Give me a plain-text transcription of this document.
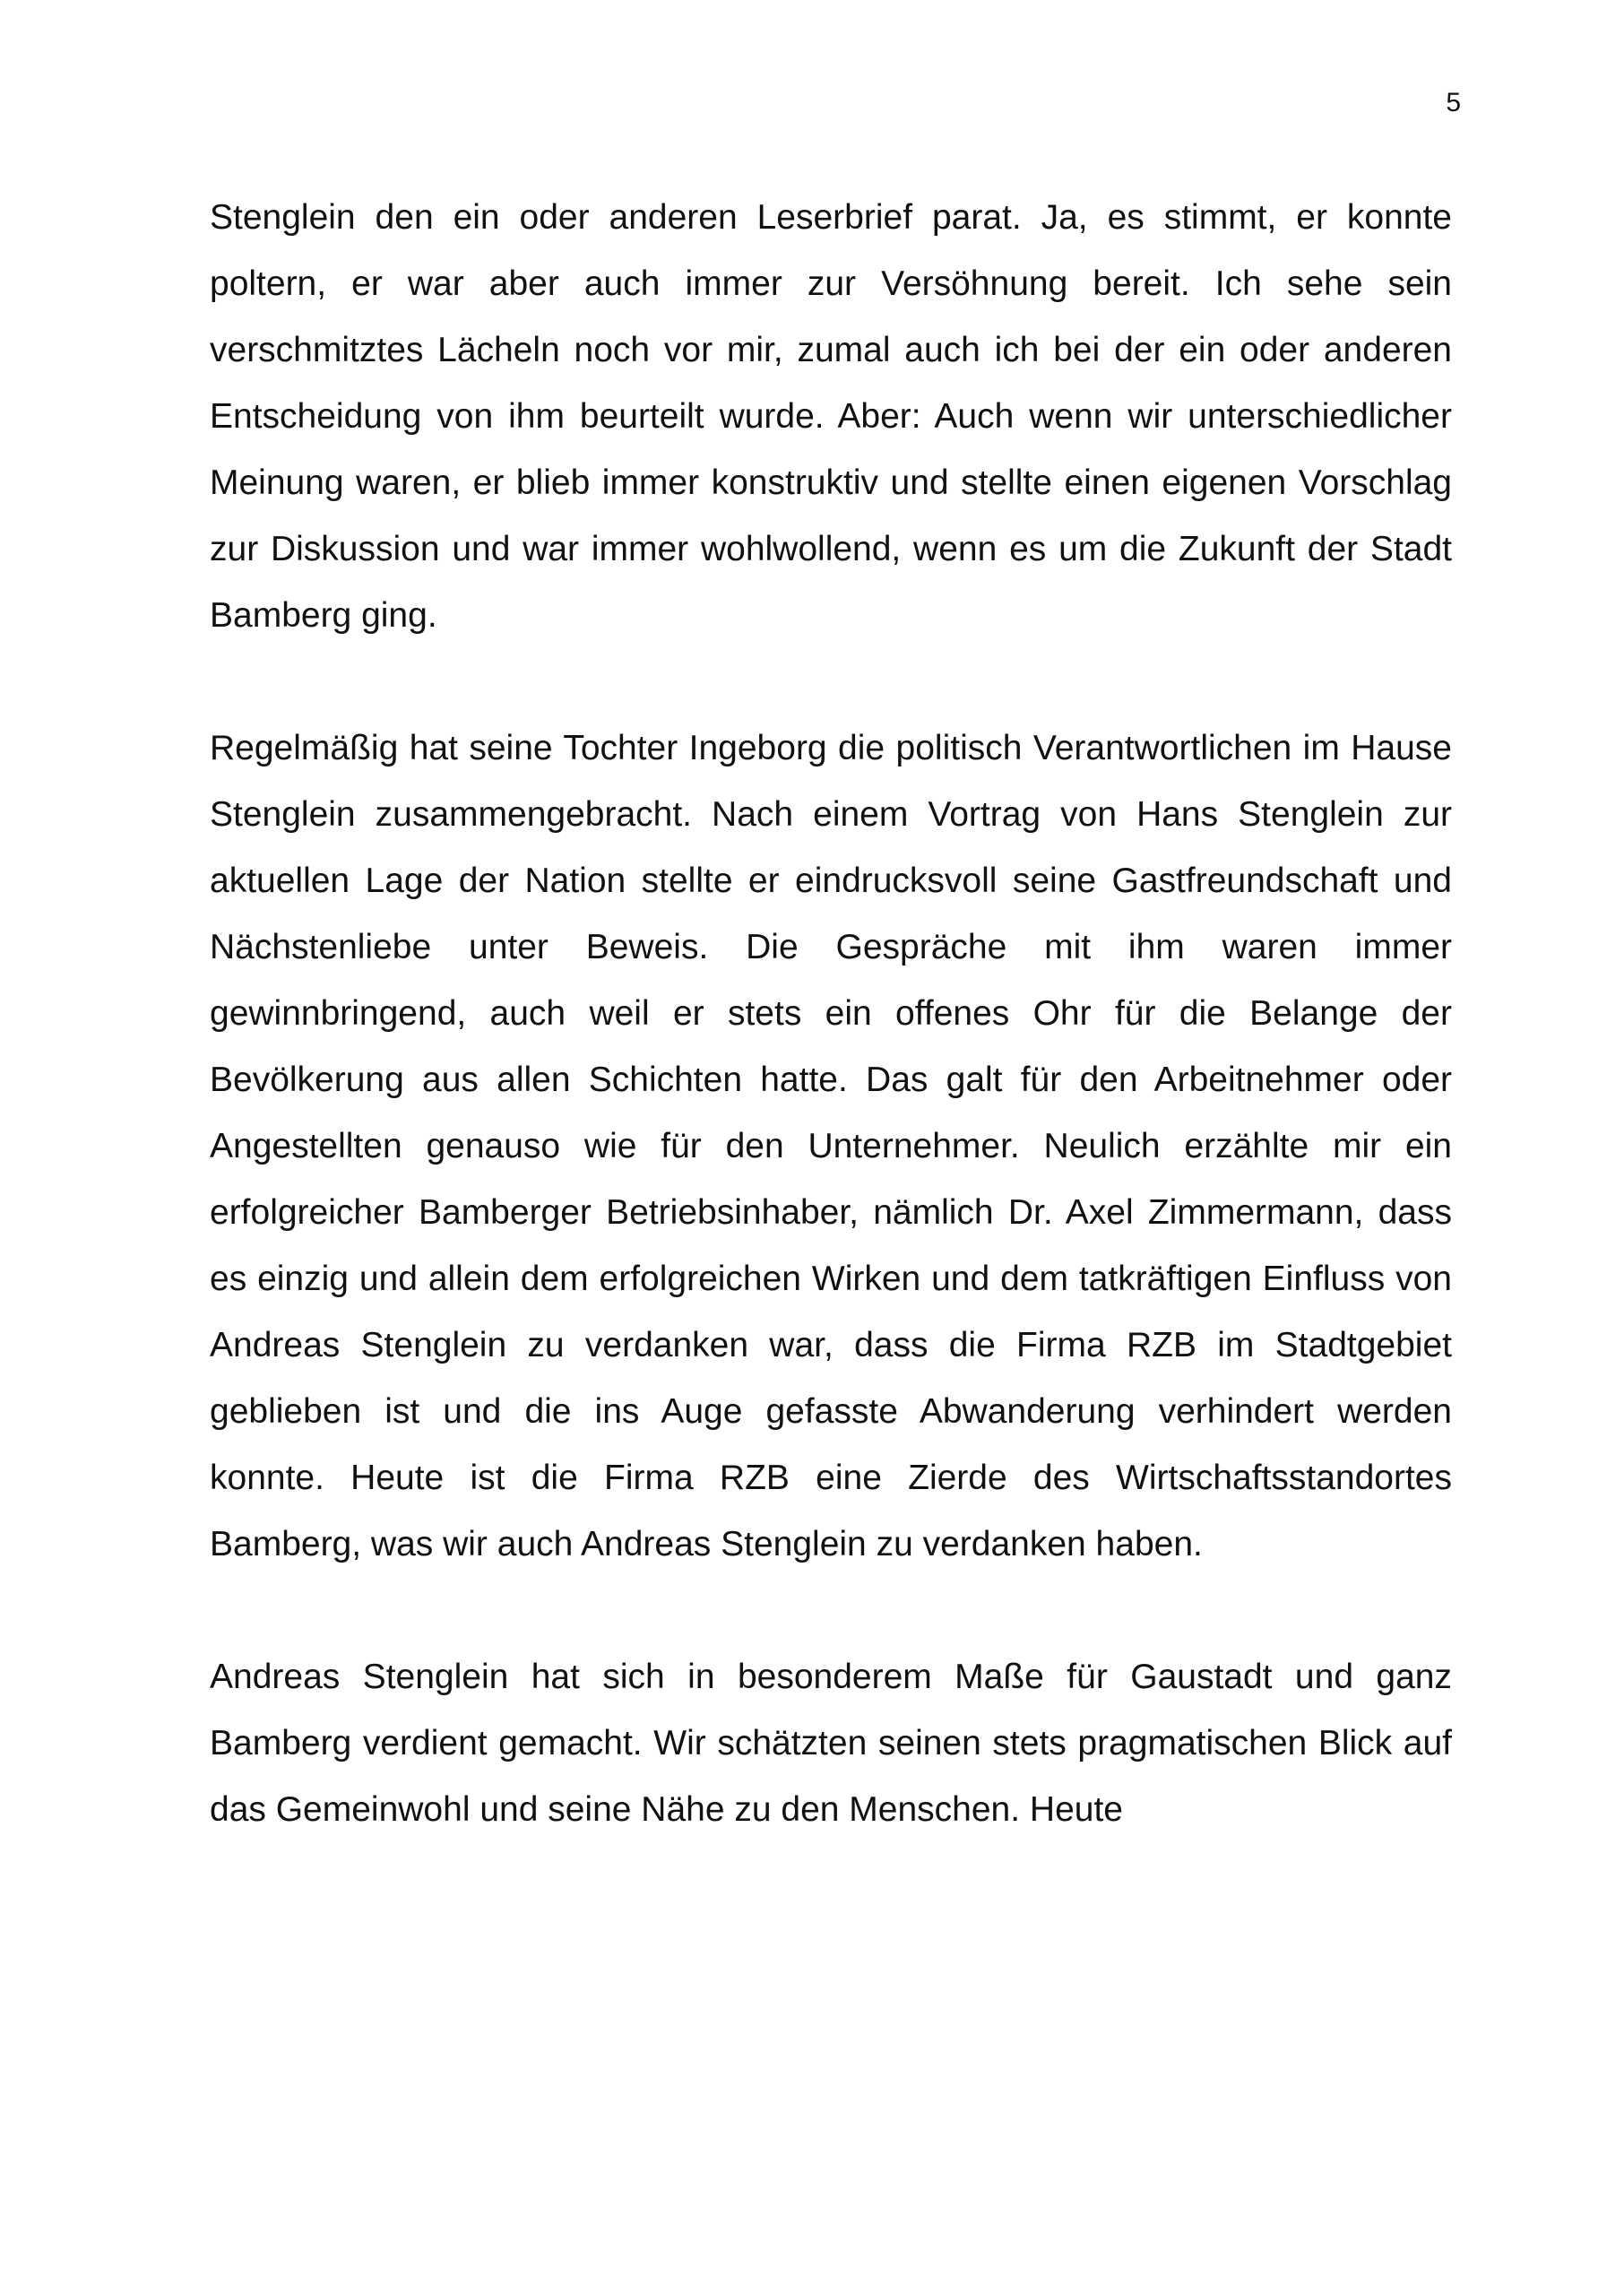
5

Stenglein den ein oder anderen Leserbrief parat. Ja, es stimmt, er konnte poltern, er war aber auch immer zur Versöhnung bereit. Ich sehe sein verschmitztes Lächeln noch vor mir, zumal auch ich bei der ein oder anderen Entscheidung von ihm beurteilt wurde. Aber: Auch wenn wir unterschiedlicher Meinung waren, er blieb immer konstruktiv und stellte einen eigenen Vorschlag zur Diskussion und war immer wohlwollend, wenn es um die Zukunft der Stadt Bamberg ging.

Regelmäßig hat seine Tochter Ingeborg die politisch Verantwortlichen im Hause Stenglein zusammengebracht. Nach einem Vortrag von Hans Stenglein zur aktuellen Lage der Nation stellte er eindrucksvoll seine Gastfreundschaft und Nächstenliebe unter Beweis. Die Gespräche mit ihm waren immer gewinnbringend, auch weil er stets ein offenes Ohr für die Belange der Bevölkerung aus allen Schichten hatte. Das galt für den Arbeitnehmer oder Angestellten genauso wie für den Unternehmer. Neulich erzählte mir ein erfolgreicher Bamberger Betriebsinhaber, nämlich Dr. Axel Zimmermann, dass es einzig und allein dem erfolgreichen Wirken und dem tatkräftigen Einfluss von Andreas Stenglein zu verdanken war, dass die Firma RZB im Stadtgebiet geblieben ist und die ins Auge gefasste Abwanderung verhindert werden konnte. Heute ist die Firma RZB eine Zierde des Wirtschaftsstandortes Bamberg, was wir auch Andreas Stenglein zu verdanken haben.

Andreas Stenglein hat sich in besonderem Maße für Gaustadt und ganz Bamberg verdient gemacht. Wir schätzten seinen stets pragmatischen Blick auf das Gemeinwohl und seine Nähe zu den Menschen. Heute
